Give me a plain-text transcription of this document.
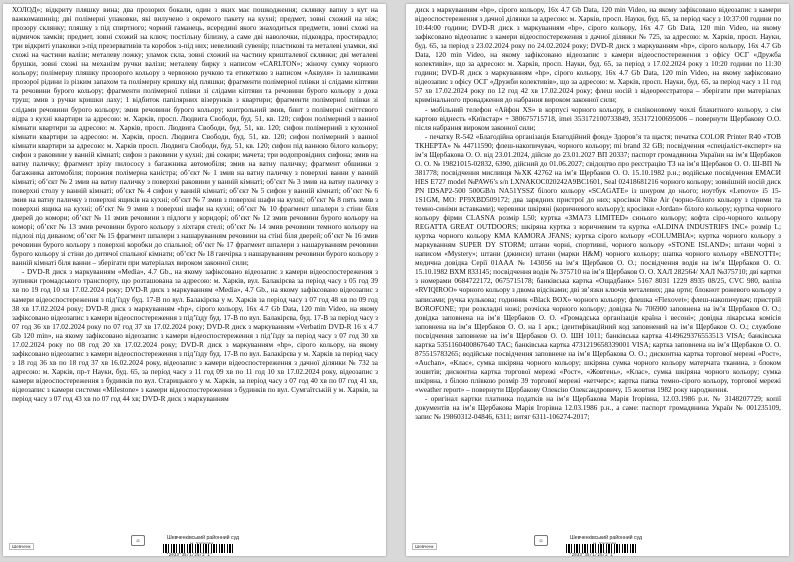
ХОЛОД»; відкриту пляшку вина; два прозорих бокали, один з яких має пошкодження; склянку вапну з кут на важкомашиніц; дві полімерні упаковки, які вилучено з окремого пакету на кухні; предмет, зовні схожий на ніж; прозору склянку; пляшку з під спиртного; чорний гаманець, всередині якого знаходиться предмети, зовні схожі на відмичок замків; предмет, зовні схожий на ключ; постільну білизну, а саме дві наволочки, підковдра, простирадло; три відкриті упаковки з-під презервативів та коробок з-під них; невеликий сувенір; пластикові та металеві уламки, які схожі на частини валізи; металеву ложку; уламок скла, зовні схожий на частину кришталевої склянки; дві металеві брушки, зовні схожі на механізм ручки валізи; металеву бирку з написом «CARLTON»; жіночу сумку чорного кольору; полімерну пляшку прозорого кольору з червоною ручкою та етикеткою з написом «Аквуля» із залишками прозорої рідини із різким запахом та полімерну кришку від пляшки; фрагменти полімерної плівки зі слідами кіптяви та речовини бурого кольору; фрагменти полімерної плівки зі слідами кіптяви та речовини бурого кольору з дока труш; змив з ручки кришки лаху; 1 відбиток папілярних візерунків з квартири; фрагменти полімерної плівки зі слідами речовини бурого кольору; змив речовини бурого кольору; контрольний змив, бинт з полімерні сміттєвого відра з кухні квартири за адресою: м. Харків, просп. Людвига Свободи, буд. 51, кв. 120; сифон полімерний з ванної кімнати квартири за адресою: м. Харків, просп. Людвига Свободи, буд. 51, кв. 120; сифон полімерний з кухонної кімнати квартири за адресою: м. Харків, просп. Людвига Свободи, буд. 51, кв. 120; сифон полімерний з ванної кімнати квартири за адресою: м. Харків просп. Людвига Свободи, буд. 51, кв. 120; сифон під ванною білого кольору; сифон з раковини у ванній кімнаті; сифон з раковини у кухні; дві сокири; мачета; три водопровідних сифона; змив на ватну паличку; фрагмент зрізу пилососу з багажника автомобіля; змив на ватну паличку; фрагмент обшивки з багажника автомобіля; порожня полімерна каністра; об’єкт № 1 змив на ватну паличку з поверхні ванни у ванній кімнаті; об’єкт № 2 змив на ватну паличку з поверхні раковини у ванній кімнаті; об’єкт № 3 змив на ватну паличку з поверхні столу у ванній кімнаті; об’єкт № 4 сифон у ванній кімнаті; об’єкт № 5 сифон у ванній кімнаті; об’єкт № 6 змив на ватну паличку з поверхні ящиків на кухні; об’єкт № 7 змив з поверхні шафи на кухні; об’єкт № 8 пять змив з поверхні ящика на кухні; об’єкт № 9 змив з поверхні шафи на кухні; об’єкт № 10 фрагмент шпалери з стіни біля дверей до комори; об’єкт № 11 змив речовини з підлоги у коридорі; об’єкт № 12 змив речовини бурого кольору на коморі; об’єкт № 13 змив речовини бурого кольору з ліхтаря стелі; об’єкт № 14 змив речовини темного кольору на підлозі під диваном; об’єкт № 15 фрагмент шпалери з нашаруванням речовини на стіні біля дверей; об’єкт № 16 змив речовини бурого кольору з поверхні коробки до спальної; об’єкт № 17 фрагмент шпалери з нашаруванням речовини бурого кольору зі стіни до дитячої спальної кімнати; об’єкт № 18 ганчірка з нашаруванням речовини бурого кольору з ванній кімнаті біля ванни – зберігати при матеріалах вироком законної сили;

- DVD-R диск з маркуванням «Media», 4.7 Gb., на якому зафіксовано відеозапис з камери відеоспостереження з зупинки громадського транспорту, що розташована за адресою: м. Харків, вул. Балакірєва за період часу з 05 год 39 хв по 19 год 10 хв 17.02.2024 року; DVD-R диск з маркуванням «Media», 4.7 Gb., на якому зафіксовано відеозапис з камери відеоспостереження з під’їзду буд. 17-В по вул. Балакірєва у м. Харків за період часу з 07 год 48 хв по 09 год 38 хв 17.02.2024 року; DVD-R диск з маркуванням «hp», сірого кольору, 16x 4.7 Gb Data, 120 min Video, на якому зафіксовано відеозапис з камери відеоспостереження з під’їзду буд. 17-В по вул. Балакірєва, буд. 17-В за період часу з 07 год 36 хв 17.02.2024 року по 07 год 37 хв 17.02.2024 року; DVD-R диск з маркуванням «Verbatim DVD-R 16 x 4.7 Gb 120 min», на якому зафіксовано відеозапис з камери відеоспостереження з під’їзду за період часу з 07 год 30 хв 17.02.2024 року по 08 год 20 хв 17.02.2024 року; DVD-R диск з маркуванням «hp», сірого кольору, на якому зафіксовано відеозапис з камери відеоспостереження з під’їзду буд. 17-В по вул. Балакірєва у м. Харків за період часу з 18 год 36 хв по 18 год 37 хв 16.02.2024 року, відеозапис з камери відеоспостереження з дачної ділянки № 732 за адресою: м. Харків, пр-т Науки, буд. 65, за період часу з 11 год 09 хв по 11 год 10 хв 17.02.2024 року, відеозапис з камери відеоспостереження з будинків по вул. Старицького у м. Харків, за період часу з 07 год 40 хв по 07 год 41 хв, відеозапис з камери системи «Milestone» з камери відеоспостереження з будинків по вул. Сумгаїтській у м. Харків, за період часу з 07 год 43 хв по 07 год 44 хв; DVD-R диск з маркуванням

Шевченк
⚖	Шевченківський районний суд
*2033*35/1/25/2*1*

диск з маркуванням «hp», сірого кольору, 16x 4.7 Gb Data, 120 min Video, на якому зафіксовано відеозапис з камери відеоспостереження з дачної ділянки за адресою: м. Харків, просп. Науки, буд. 65, за період часу з 10:37:00 години по 10:44:00 години; DVD-R диск з маркуванням «hp», сірого кольору, 16x 4.7 Gb Data, 120 min Video, на якому зафіксовано відеозапис з камери відеоспостереження з дачної ділянки № 725, за адресою: м. Харків, просп. Науки, буд. 65, за період з 23.02.2024 року по 24.02.2024 року; DVD-R диск з маркуванням «hp», сірого кольору, 16x 4.7 Gb Data, 120 min Video, на якому зафіксовано відеозапис з камери відеоспостереження з офісу ОСГ «Дружба колективів», що за адресою: м. Харків, просп. Науки, буд. 65, за період з 17.02.2024 року з 10:20 години по 11:30 години; DVD-R диск з маркуванням «hp», сірого кольору, 16x 4.7 Gb Data, 120 min Video, на якому зафіксовано відеозапис з офісу ОСГ «Дружби колективів», що за адресою: м. Харків, просп. Науки, буд. 65, за період часу з 11 год 57 хв 17.02.2024 року по 12 год 42 хв 17.02.2024 року; флеш носій з відеореєстратора – зберігати при матеріалах кримінального провадження до набрання вироком законної сили;

- мобільний телефон «Айфон XS» в корпусі чорного кольору, в силіконовому чохлі блакитного кольору, з сім картою віднесть «Київстар» + 380675715718, imei 353172100733849, 353172100695006 – повернути Щербакову О.О. після набрання вироком законної сили;

- печатку R-542 «Благодійна організація Благодійний фонд» Здоров’я та щастя; печатка COLOR Printer R40 «ТОВ ТКНЕРТА» № 44711590; флеш-накопичувач, чорного кольору; mi brand 32 GB; посвідчення «спеціаліст-експерт» на ім’я Щербакова О. О. від 23.01.2024, дійсне до 23.01.2027 ВП 20337; паспорт громадянина України на ім’я Щербаков О. О. № 19821015-02832, 6390, дійсний до 01.06.2027; свідоцтво про реєстрацію ТЗ на ім’я Щербаков О. О. Ш-ВП № 381778; посвідчення мисливця №ХК 42762 на ім’я Щербаков О. О. 15.10.1982 р.н.; водійське посвідчення ЕМАСИ НЕS Е727 model №PAW6’s s/n LXNAKOC020242A9BC1601, Seal 02418681216 чорного кольору; зовнішній носій диск PN IDSAP2-500 500GB/n NA51YSSZ білого кольору «SCAGATE» із шнуром до нього; ноутбук «Lenovo» i5 15-1S1GM, МО: PF9XBD509172; два зарядних пристрої до них; кросівки Nike Air (чорно-білого кольору з сірими та темно-синіми вставками); черевики шкіряні (коричневого кольору); кросівки «Jordan» білого кольору; куртка чорного кольору фірми CLASNA розмір L50; куртка «ЗМА73 LIMITED» синього кольору; кофта сіро-чорного кольору REGATTA GREAT OUTDOORS; шкіряна куртка з коричневим та куртка «ALDINA INDUSTRIFS INC» розмір L; куртка чорного кольору КМА КАМОRA JFANS; куртка сірого кольору «COLUMBIA»; куртка чорного кольору з маркуванням SUPER DY STORM; штани чорні, спортивні, чорного кольору «STONE ISLAND»; штани чорні з написом «Mystery»; штани (джинси) штани (марки H&M) чорного кольору; шапка чорного кольору «BENOTTI»; медична довідка Серії 01ААА № 143056 на ім’я Щербаков О. О.; посвідчення водія на ім’я Щербаков О. О. 15.10.1982 ВХМ 833145; посвідчення водія № 375710 на ім’я Щербаков О. О. ХАЛ 282564/ ХАЛ №375710; дві картки з номерами 0684722172, 0675715178; банківська картка «Ощадбанк» 5167 8031 1229 8935 08/25, CVC 980, валіза «RVIQIROO» чорного кольору з двома відсіками; дві зв’язки ключів металевих; два орти; блокнот рожевого кольору з записами; ручка кулькова; годинник «Black BOX» чорного кольору; флешка «Flexovet»; флеш-накопичувач; пристрій BOROFONE; три розкладні ножі; розчіска чорного кольору; довідка № 706900 заповнена на ім’я Щербаков О. О.; довідка заповнена на ім’я Щербаков О. О. «Громадська організація країна і весоні»; довідка лікарська комісія заповнена на ім’я Щербаков О. О. на 1 арк.; ідентифікаційний код заповнений на ім’я Щербаков О. О.; службове посвідчення заповнене на ім’я Щербаков О. О. ШН 1011; банківська картка 4149629376553513 VISA; банківська картка 5351160400867640 TAC; банківська картка 4731219658339001 VISA; картка заповнена на ім’я Щербаков О. О. 875515783265; водійське посвідчення заповнене на ім’я Щербакова О. О.; дисконтна картка торгової мережі «Рост», «Auchan», «Клас», сумка шкіряна чорного кольору; шкіряна сумка чорного кольору матерчата тканина, з блоком зошитів; дисконтна картка торгової мережі «Рост», «Жовтень», «Клас», сумка шкіряна чорного кольору; сумка шкіряна, з білою плівкою розмір 39 торгової мережі «кетчерс»; картка папка темно-сірого кольору, торгової мережі «weather report» – повернути Щербакову Олексію Олександровичу, 15 жовтня 1982 року народження.

- оригінал картки платника податків на ім’я Щербакова Марія Ігорівна, 12.03.1986 р.н. № 3148207729; копії документів на ім’я Щербакова Марія Ігорівна 12.03.1986 р.н., а саме: паспорт громадянина Україн № 001235109, запис № 19860312-04846, 6311; витяг 6311-106274-2017;

Шевченк
⚖	Шевченківський районний суд
*2033*35/1/25/2*1*
